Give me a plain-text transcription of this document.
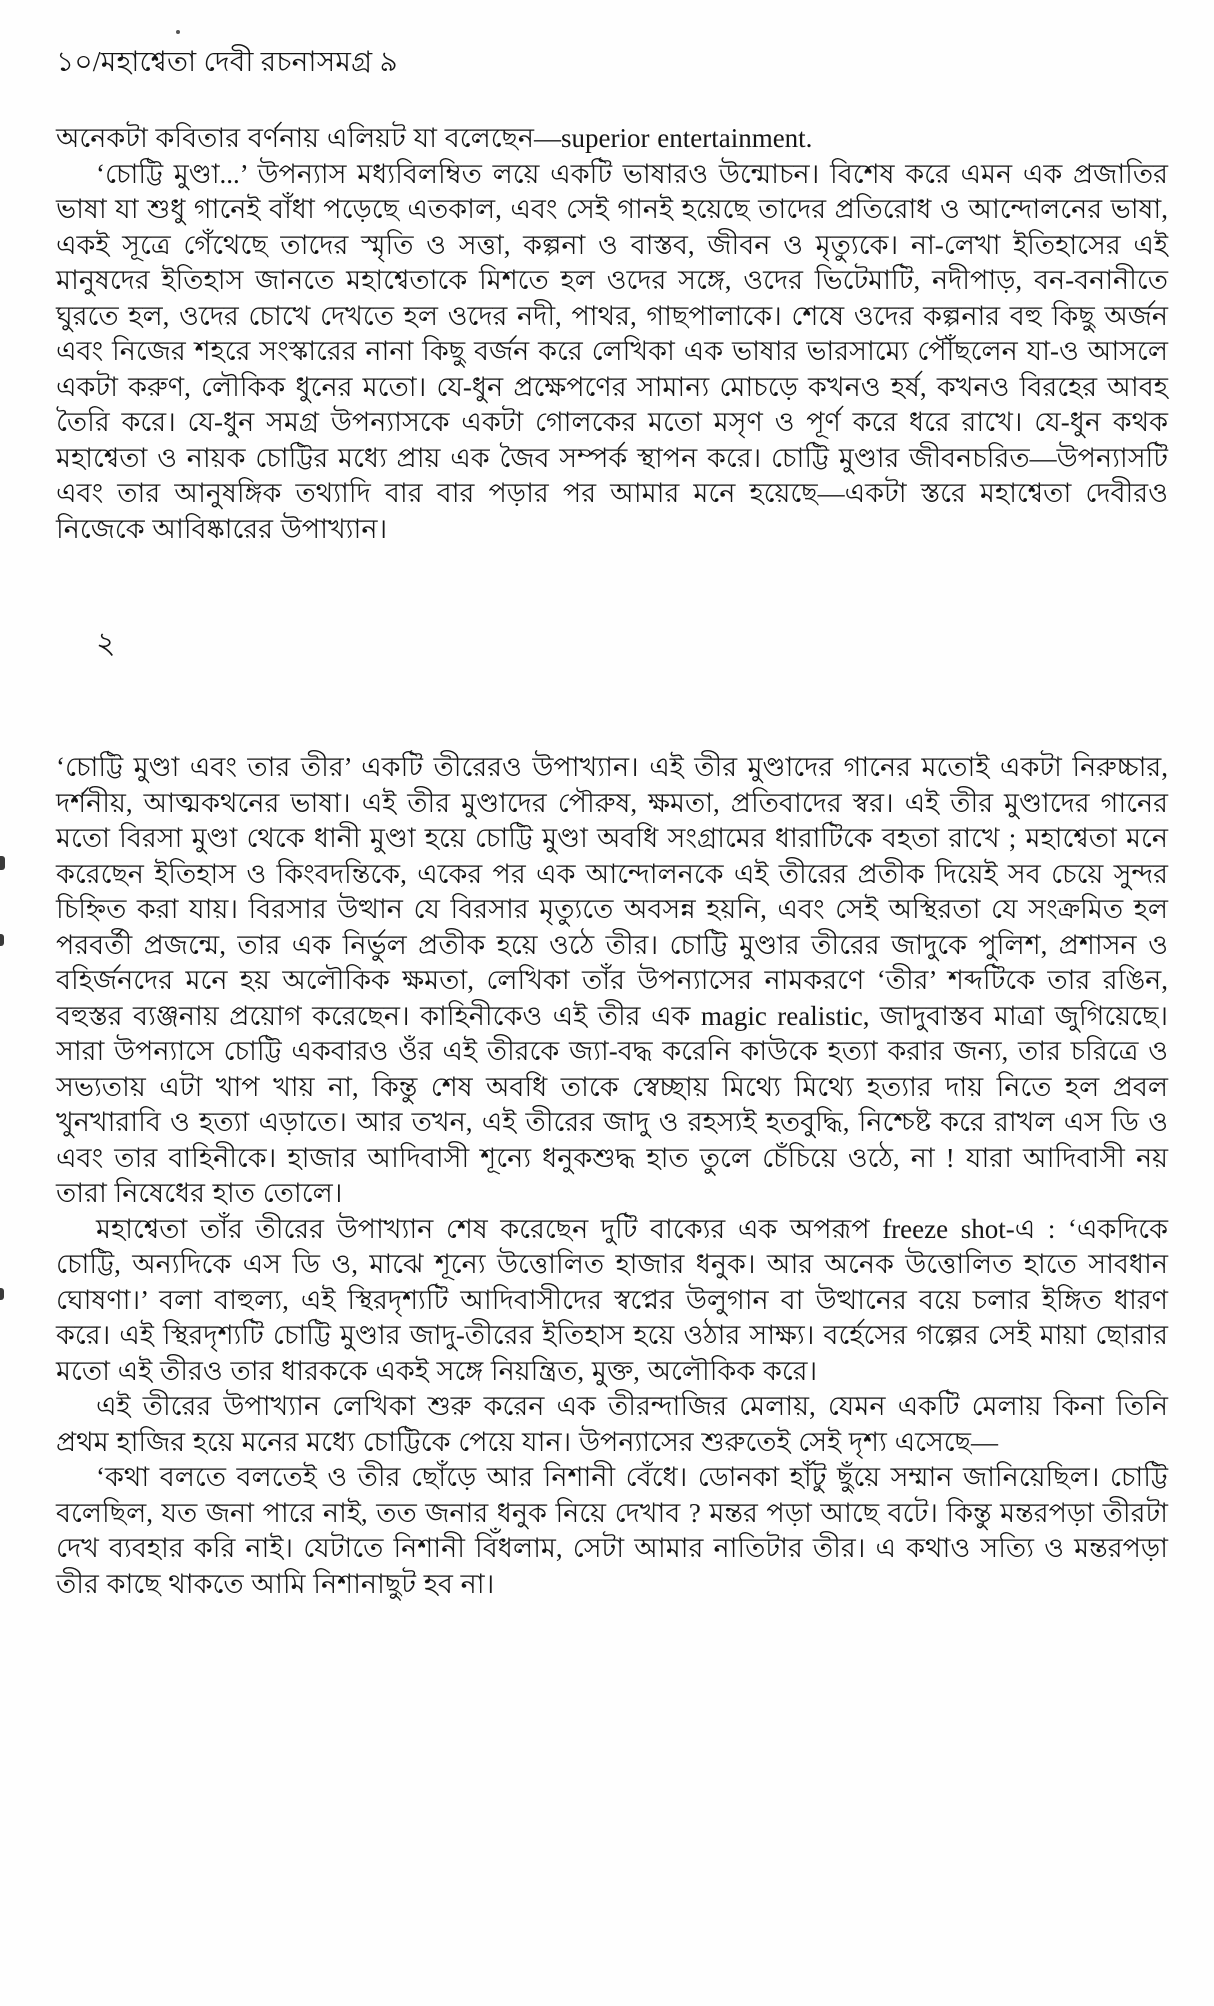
১০/মহাশ্বেতা দেবী রচনাসমগ্র ৯

অনেকটা কবিতার বর্ণনায় এলিয়ট যা বলেছেন—superior entertainment.

‘চোট্টি মুণ্ডা...’ উপন্যাস মধ্যবিলম্বিত লয়ে একটি ভাষারও উন্মোচন। বিশেষ করে এমন এক প্রজাতির ভাষা যা শুধু গানেই বাঁধা পড়েছে এতকাল, এবং সেই গানই হয়েছে তাদের প্রতিরোধ ও আন্দোলনের ভাষা, একই সূত্রে গেঁথেছে তাদের স্মৃতি ও সত্তা, কল্পনা ও বাস্তব, জীবন ও মৃত্যুকে। না-লেখা ইতিহাসের এই মানুষদের ইতিহাস জানতে মহাশ্বেতাকে মিশতে হল ওদের সঙ্গে, ওদের ভিটেমাটি, নদীপাড়, বন-বনানীতে ঘুরতে হল, ওদের চোখে দেখতে হল ওদের নদী, পাথর, গাছপালাকে। শেষে ওদের কল্পনার বহু কিছু অর্জন এবং নিজের শহরে সংস্কারের নানা কিছু বর্জন করে লেখিকা এক ভাষার ভারসাম্যে পৌঁছলেন যা-ও আসলে একটা করুণ, লৌকিক ধুনের মতো। যে-ধুন প্রক্ষেপণের সামান্য মোচড়ে কখনও হর্ষ, কখনও বিরহের আবহ তৈরি করে। যে-ধুন সমগ্র উপন্যাসকে একটা গোলকের মতো মসৃণ ও পূর্ণ করে ধরে রাখে। যে-ধুন কথক মহাশ্বেতা ও নায়ক চোট্টির মধ্যে প্রায় এক জৈব সম্পর্ক স্থাপন করে। চোট্টি মুণ্ডার জীবনচরিত—উপন্যাসটি এবং তার আনুষঙ্গিক তথ্যাদি বার বার পড়ার পর আমার মনে হয়েছে—একটা স্তরে মহাশ্বেতা দেবীরও নিজেকে আবিষ্কারের উপাখ্যান।

২

‘চোট্টি মুণ্ডা এবং তার তীর’ একটি তীরেরও উপাখ্যান। এই তীর মুণ্ডাদের গানের মতোই একটা নিরুচ্চার, দর্শনীয়, আত্মকথনের ভাষা। এই তীর মুণ্ডাদের পৌরুষ, ক্ষমতা, প্রতিবাদের স্বর। এই তীর মুণ্ডাদের গানের মতো বিরসা মুণ্ডা থেকে ধানী মুণ্ডা হয়ে চোট্টি মুণ্ডা অবধি সংগ্রামের ধারাটিকে বহতা রাখে ; মহাশ্বেতা মনে করেছেন ইতিহাস ও কিংবদন্তিকে, একের পর এক আন্দোলনকে এই তীরের প্রতীক দিয়েই সব চেয়ে সুন্দর চিহ্নিত করা যায়। বিরসার উত্থান যে বিরসার মৃত্যুতে অবসন্ন হয়নি, এবং সেই অস্থিরতা যে সংক্রমিত হল পরবর্তী প্রজন্মে, তার এক নির্ভুল প্রতীক হয়ে ওঠে তীর। চোট্টি মুণ্ডার তীরের জাদুকে পুলিশ, প্রশাসন ও বহির্জনদের মনে হয় অলৌকিক ক্ষমতা, লেখিকা তাঁর উপন্যাসের নামকরণে ‘তীর’ শব্দটিকে তার রঙিন, বহুস্তর ব্যঞ্জনায় প্রয়োগ করেছেন। কাহিনীকেও এই তীর এক magic realistic, জাদুবাস্তব মাত্রা জুগিয়েছে। সারা উপন্যাসে চোট্টি একবারও ওঁর এই তীরকে জ্যা-বদ্ধ করেনি কাউকে হত্যা করার জন্য, তার চরিত্রে ও সভ্যতায় এটা খাপ খায় না, কিন্তু শেষ অবধি তাকে স্বেচ্ছায় মিথ্যে মিথ্যে হত্যার দায় নিতে হল প্রবল খুনখারাবি ও হত্যা এড়াতে। আর তখন, এই তীরের জাদু ও রহস্যই হতবুদ্ধি, নিশ্চেষ্ট করে রাখল এস ডি ও এবং তার বাহিনীকে। হাজার আদিবাসী শূন্যে ধনুকশুদ্ধ হাত তুলে চেঁচিয়ে ওঠে, না ! যারা আদিবাসী নয় তারা নিষেধের হাত তোলে।

মহাশ্বেতা তাঁর তীরের উপাখ্যান শেষ করেছেন দুটি বাক্যের এক অপরূপ freeze shot-এ : ‘একদিকে চোট্টি, অন্যদিকে এস ডি ও, মাঝে শূন্যে উত্তোলিত হাজার ধনুক। আর অনেক উত্তোলিত হাতে সাবধান ঘোষণা।’ বলা বাহুল্য, এই স্থিরদৃশ্যটি আদিবাসীদের স্বপ্নের উলুগান বা উত্থানের বয়ে চলার ইঙ্গিত ধারণ করে। এই স্থিরদৃশ্যটি চোট্টি মুণ্ডার জাদু-তীরের ইতিহাস হয়ে ওঠার সাক্ষ্য। বর্হেসের গল্পের সেই মায়া ছোরার মতো এই তীরও তার ধারককে একই সঙ্গে নিয়ন্ত্রিত, মুক্ত, অলৌকিক করে।

এই তীরের উপাখ্যান লেখিকা শুরু করেন এক তীরন্দাজির মেলায়, যেমন একটি মেলায় কিনা তিনি প্রথম হাজির হয়ে মনের মধ্যে চোট্টিকে পেয়ে যান। উপন্যাসের শুরুতেই সেই দৃশ্য এসেছে—

‘কথা বলতে বলতেই ও তীর ছোঁড়ে আর নিশানী বেঁধে। ডোনকা হাঁটু ছুঁয়ে সম্মান জানিয়েছিল। চোট্টি বলেছিল, যত জনা পারে নাই, তত জনার ধনুক নিয়ে দেখাব ? মন্তর পড়া আছে বটে। কিন্তু মন্তরপড়া তীরটা দেখ ব্যবহার করি নাই। যেটাতে নিশানী বিঁধলাম, সেটা আমার নাতিটার তীর। এ কথাও সত্যি ও মন্তরপড়া তীর কাছে থাকতে আমি নিশানাছুট হব না।
